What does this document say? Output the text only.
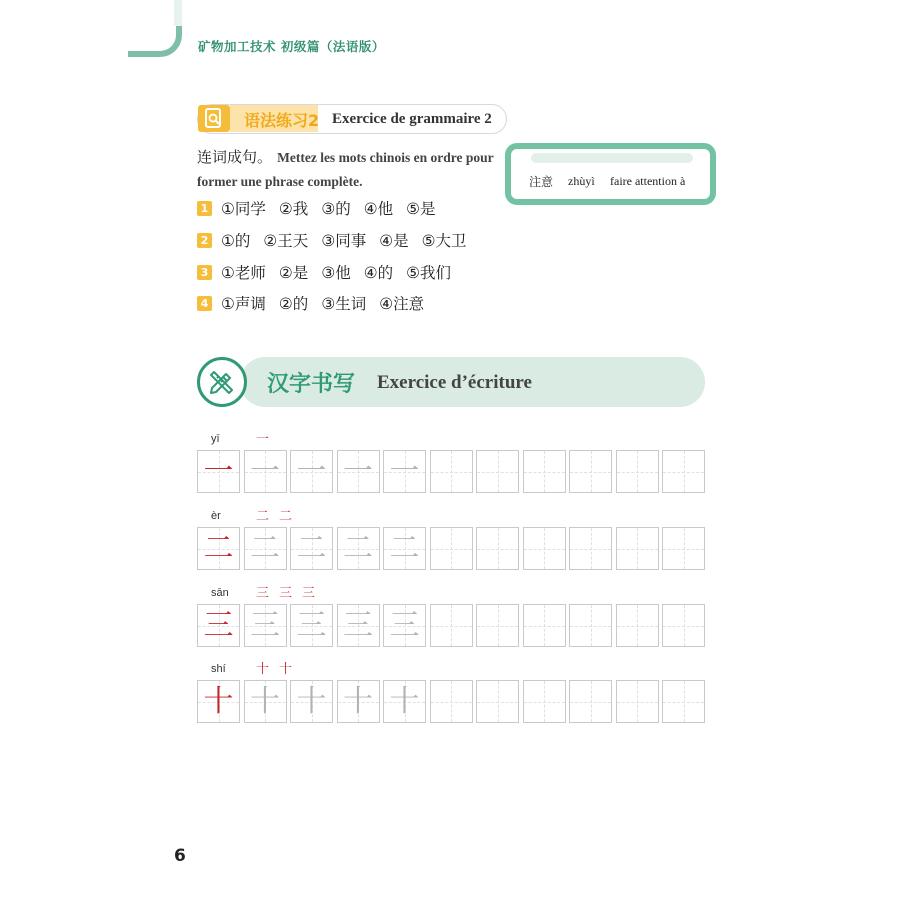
矿物加工技术 初级篇（法语版）
语法练习2 Exercice de grammaire 2
连词成句。 Mettez les mots chinois en ordre pour former une phrase complète.	注意 zhùyì faire attention à
1 ①同学 ②我 ③的 ④他 ⑤是
2 ①的 ②王天 ③同事 ④是 ⑤大卫
3 ①老师 ②是 ③他 ④的 ⑤我们
4 ①声调 ②的 ③生词 ④注意
汉字书写 Exercice d’écriture
yī	一
一 一 一 一 一
èr	二 二
二 二 二 二 二
sān 三 三 三
三 三 三 三 三
shí 十 十
十 十 十 十 十
6
